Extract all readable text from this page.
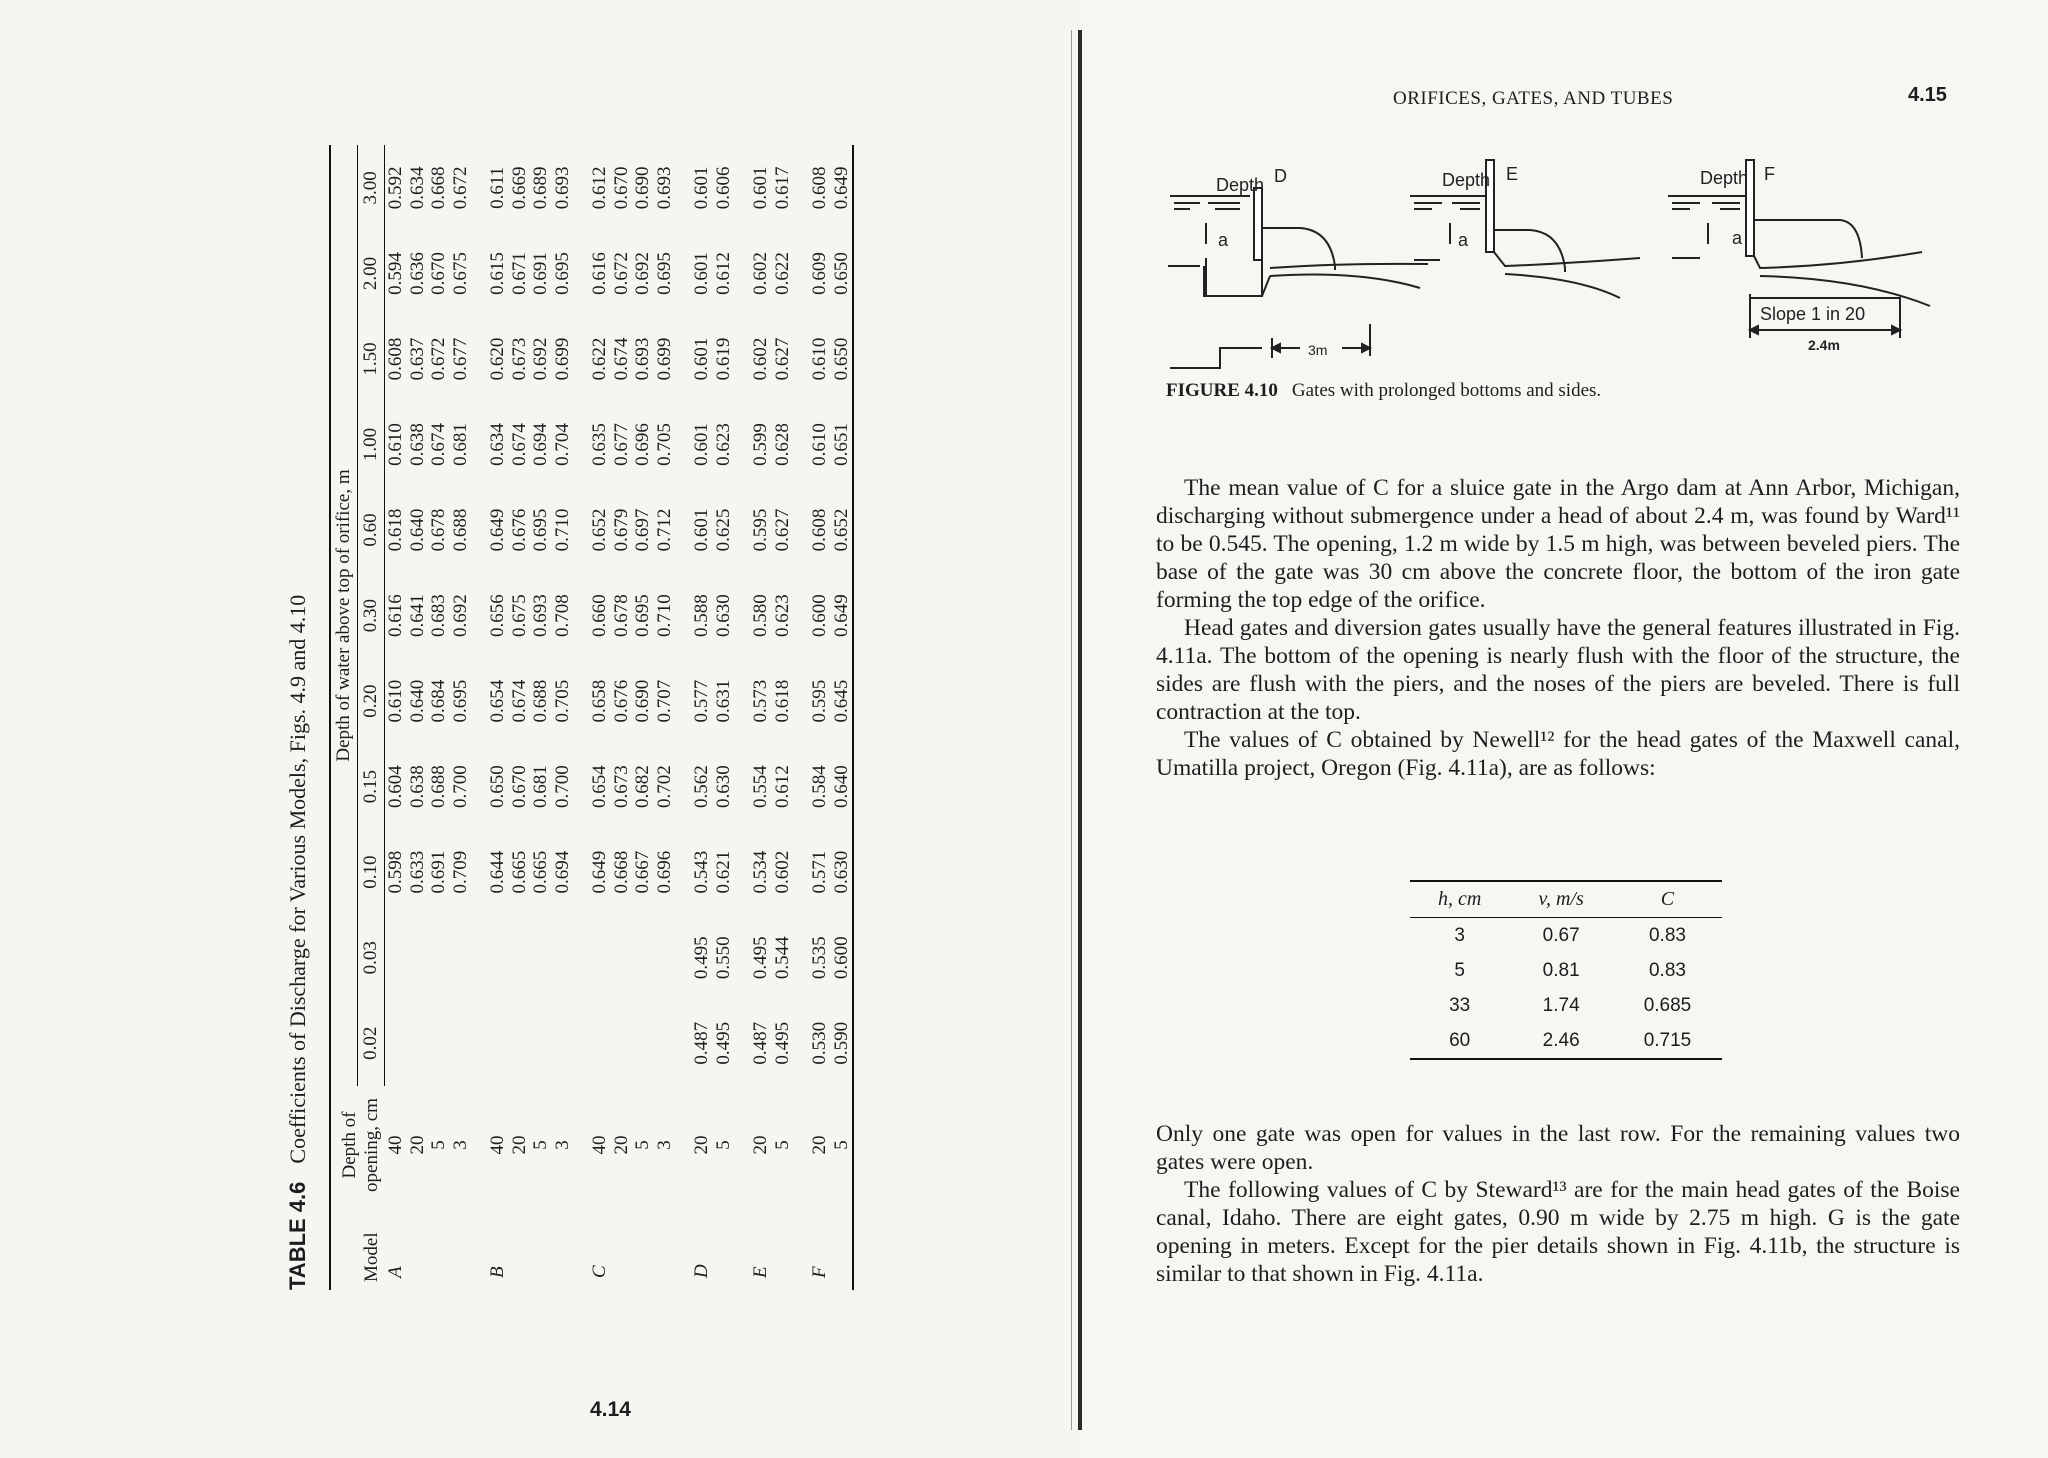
TABLE 4.6Coefficients of Discharge for Various Models, Figs. 4.9 and 4.10
Model	Depth of opening, cm	Depth of water above top of orifice, m										
		0.02	0.03	0.10	0.15	0.20	0.30	0.60	1.00	1.50	2.00	3.00
A	40			0.598	0.604	0.610	0.616	0.618	0.610	0.608	0.594	0.592
	20			0.633	0.638	0.640	0.641	0.640	0.638	0.637	0.636	0.634
	5			0.691	0.688	0.684	0.683	0.678	0.674	0.672	0.670	0.668
	3			0.709	0.700	0.695	0.692	0.688	0.681	0.677	0.675	0.672

B	40			0.644	0.650	0.654	0.656	0.649	0.634	0.620	0.615	0.611
	20			0.665	0.670	0.674	0.675	0.676	0.674	0.673	0.671	0.669
	5			0.665	0.681	0.688	0.693	0.695	0.694	0.692	0.691	0.689
	3			0.694	0.700	0.705	0.708	0.710	0.704	0.699	0.695	0.693

C	40			0.649	0.654	0.658	0.660	0.652	0.635	0.622	0.616	0.612
	20			0.668	0.673	0.676	0.678	0.679	0.677	0.674	0.672	0.670
	5			0.667	0.682	0.690	0.695	0.697	0.696	0.693	0.692	0.690
	3			0.696	0.702	0.707	0.710	0.712	0.705	0.699	0.695	0.693

D	20	0.487	0.495	0.543	0.562	0.577	0.588	0.601	0.601	0.601	0.601	0.601
	5	0.495	0.550	0.621	0.630	0.631	0.630	0.625	0.623	0.619	0.612	0.606

E	20	0.487	0.495	0.534	0.554	0.573	0.580	0.595	0.599	0.602	0.602	0.601
	5	0.495	0.544	0.602	0.612	0.618	0.623	0.627	0.628	0.627	0.622	0.617

F	20	0.530	0.535	0.571	0.584	0.595	0.600	0.608	0.610	0.610	0.609	0.608
	5	0.590	0.600	0.630	0.640	0.645	0.649	0.652	0.651	0.650	0.650	0.649
4.14
ORIFICES, GATES, AND TUBES	4.15
D
Depth
a
3m
E
Depth
a
F
Depth
a
Slope 1 in 20
2.4m
FIGURE 4.10 Gates with prolonged bottoms and sides.

The mean value of C for a sluice gate in the Argo dam at Ann Arbor, Michigan, discharging without submergence under a head of about 2.4 m, was found by Ward¹¹ to be 0.545. The opening, 1.2 m wide by 1.5 m high, was between beveled piers. The base of the gate was 30 cm above the concrete floor, the bottom of the iron gate forming the top edge of the orifice.

Head gates and diversion gates usually have the general features illustrated in Fig. 4.11a. The bottom of the opening is nearly flush with the floor of the structure, the sides are flush with the piers, and the noses of the piers are beveled. There is full contraction at the top.

The values of C obtained by Newell¹² for the head gates of the Maxwell canal, Umatilla project, Oregon (Fig. 4.11a), are as follows:

h, cm	v, m/s	C
3	0.67	0.83
5	0.81	0.83
33	1.74	0.685
60	2.46	0.715

Only one gate was open for values in the last row. For the remaining values two gates were open.

The following values of C by Steward¹³ are for the main head gates of the Boise canal, Idaho. There are eight gates, 0.90 m wide by 2.75 m high. G is the gate opening in meters. Except for the pier details shown in Fig. 4.11b, the structure is similar to that shown in Fig. 4.11a.
